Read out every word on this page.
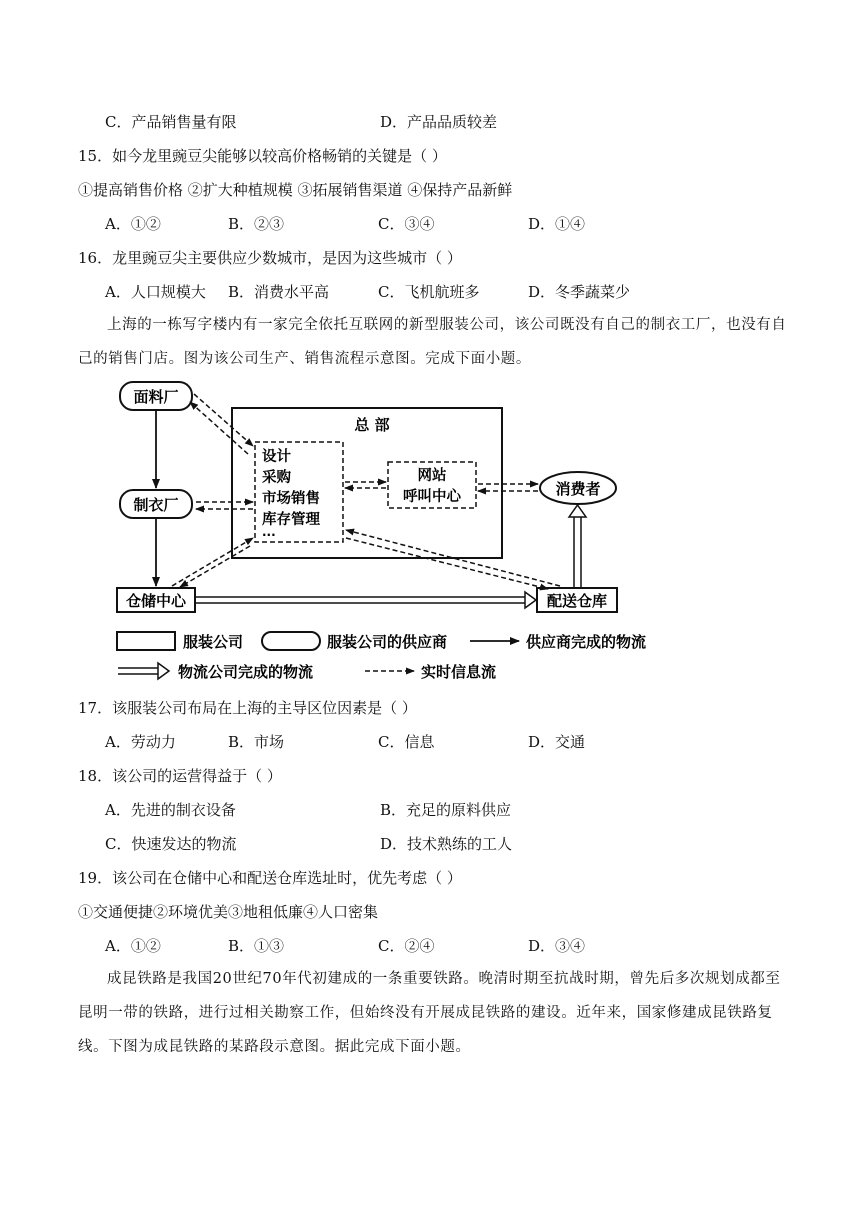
C．产品销售量有限	D．产品品质较差
15．如今龙里豌豆尖能够以较高价格畅销的关键是（ ）
①提高销售价格 ②扩大种植规模 ③拓展销售渠道 ④保持产品新鲜
A．①②	B．②③	C．③④	D．①④
16．龙里豌豆尖主要供应少数城市，是因为这些城市（ ）
A．人口规模大 B．消费水平高	C．飞机航班多	D．冬季蔬菜少
上海的一栋写字楼内有一家完全依托互联网的新型服装公司，该公司既没有自己的制衣工厂，也没有自己的销售门店。图为该公司生产、销售流程示意图。完成下面小题。
总 部
设计
采购
市场销售
库存管理
···
网站
呼叫中心
面料厂
制衣厂
消费者
仓储中心	配送仓库
服装公司	服装公司的供应商	供应商完成的物流
物流公司完成的物流	实时信息流
17．该服装公司布局在上海的主导区位因素是（ ）
A．劳动力	B．市场	C．信息	D．交通
18．该公司的运营得益于（ ）
A．先进的制衣设备	B．充足的原料供应
C．快速发达的物流	D．技术熟练的工人
19．该公司在仓储中心和配送仓库选址时，优先考虑（ ）
①交通便捷②环境优美③地租低廉④人口密集
A．①②	B．①③	C．②④	D．③④
成昆铁路是我国20世纪70年代初建成的一条重要铁路。晚清时期至抗战时期，曾先后多次规划成都至昆明一带的铁路，进行过相关勘察工作，但始终没有开展成昆铁路的建设。近年来，国家修建成昆铁路复线。下图为成昆铁路的某路段示意图。据此完成下面小题。
